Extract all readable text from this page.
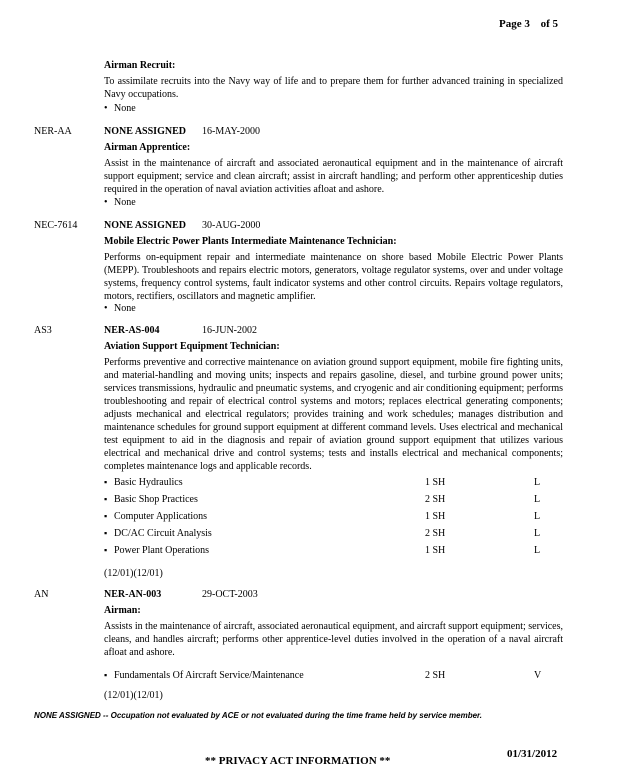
Page 3 of 5
Airman Recruit:
To assimilate recruits into the Navy way of life and to prepare them for further advanced training in specialized Navy occupations.
• None
NER-AA	NONE ASSIGNED 16-MAY-2000
Airman Apprentice:
Assist in the maintenance of aircraft and associated aeronautical equipment and in the maintenance of aircraft support equipment; service and clean aircraft; assist in aircraft handling; and perform other apprenticeship duties required in the operation of naval aviation activities afloat and ashore.
• None
NEC-7614	NONE ASSIGNED 30-AUG-2000
Mobile Electric Power Plants Intermediate Maintenance Technician:
Performs on-equipment repair and intermediate maintenance on shore based Mobile Electric Power Plants (MEPP). Troubleshoots and repairs electric motors, generators, voltage regulator systems, over and under voltage systems, frequency control systems, fault indicator systems and other control circuits. Repairs voltage regulators, motors, rectifiers, oscillators and magnetic amplifier.
• None
AS3	NER-AS-004	16-JUN-2002
Aviation Support Equipment Technician:
Performs preventive and corrective maintenance on aviation ground support equipment, mobile fire fighting units, and material-handling and moving units; inspects and repairs gasoline, diesel, and turbine ground power units; services transmissions, hydraulic and pneumatic systems, and cryogenic and air conditioning equipment; performs troubleshooting and repair of electrical control systems and motors; replaces electrical generating components; adjusts mechanical and electrical regulators; provides training and work schedules; manages distribution and maintenance schedules for ground support equipment at different command levels. Uses electrical and mechanical test equipment to aid in the diagnosis and repair of aviation ground support equipment that utilizes various electrical and mechanical drive and control systems; tests and installs electrical and mechanical components; completes maintenance logs and applicable records.
▪ Basic Hydraulics	1 SH	L
▪ Basic Shop Practices	2 SH	L
▪ Computer Applications	1 SH	L
▪ DC/AC Circuit Analysis	2 SH	L
▪ Power Plant Operations	1 SH	L
(12/01)(12/01)
AN	NER-AN-003	29-OCT-2003
Airman:
Assists in the maintenance of aircraft, associated aeronautical equipment, and aircraft support equipment; services, cleans, and handles aircraft; performs other apprentice-level duties involved in the operation of a naval aircraft afloat and ashore.
▪ Fundamentals Of Aircraft Service/Maintenance	2 SH	V
(12/01)(12/01)
NONE ASSIGNED -- Occupation not evaluated by ACE or not evaluated during the time frame held by service member.
** PRIVACY ACT INFORMATION **
01/31/2012
